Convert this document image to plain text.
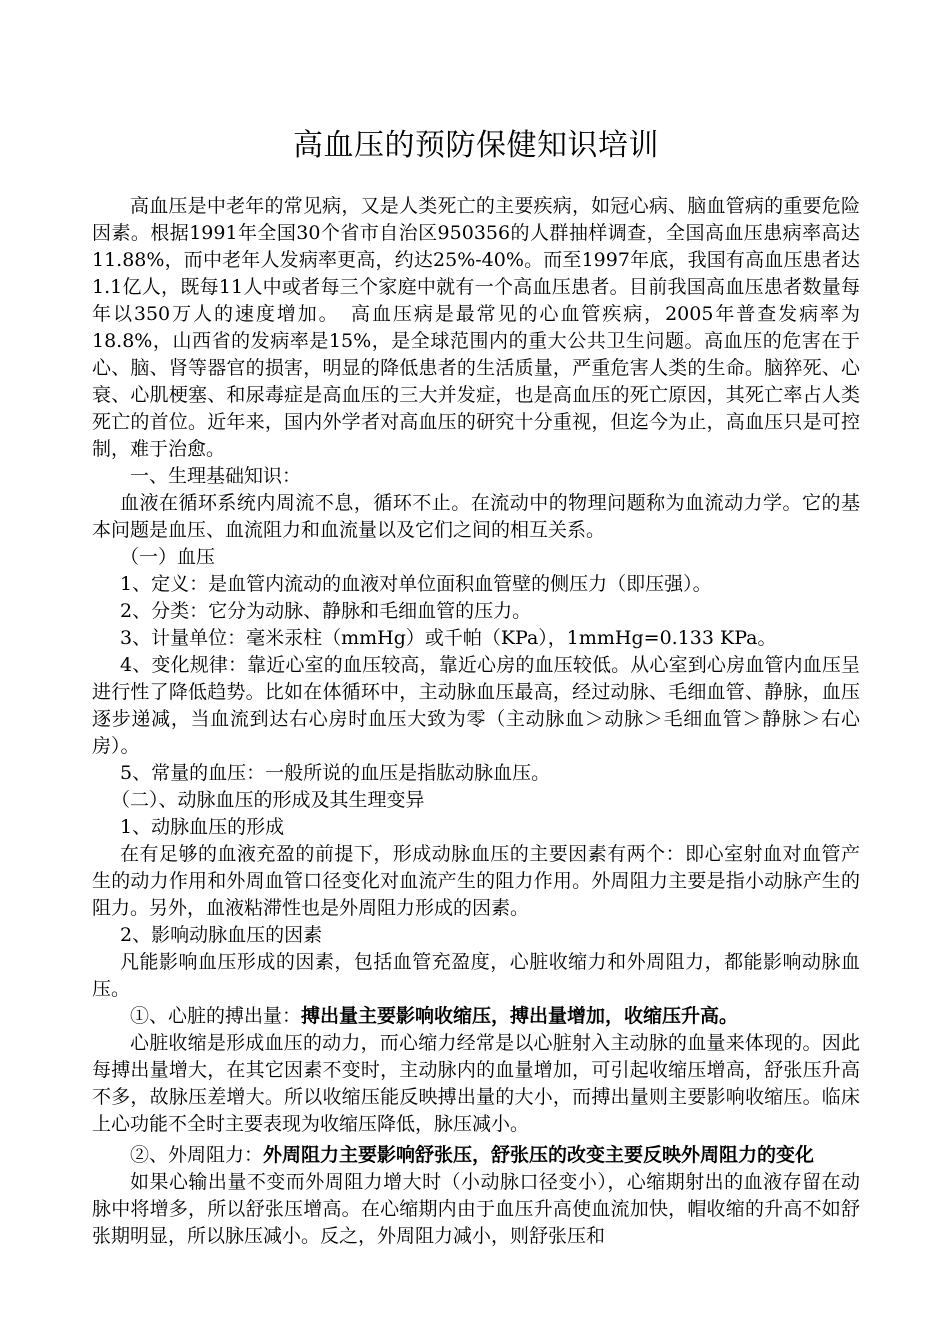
高血压的预防保健知识培训

高血压是中老年的常见病，又是人类死亡的主要疾病，如冠心病、脑血管病的重要危险因素。根据1991年全国30个省市自治区950356的人群抽样调查，全国高血压患病率高达11.88%，而中老年人发病率更高，约达25%-40%。而至1997年底，我国有高血压患者达1.1亿人，既每11人中或者每三个家庭中就有一个高血压患者。目前我国高血压患者数量每年以350万人的速度增加。　高血压病是最常见的心血管疾病，2005年普查发病率为18.8%，山西省的发病率是15%，是全球范围内的重大公共卫生问题。高血压的危害在于心、脑、肾等器官的损害，明显的降低患者的生活质量，严重危害人类的生命。脑猝死、心衰、心肌梗塞、和尿毒症是高血压的三大并发症，也是高血压的死亡原因，其死亡率占人类死亡的首位。近年来，国内外学者对高血压的研究十分重视，但迄今为止，高血压只是可控制，难于治愈。

一、生理基础知识：

血液在循环系统内周流不息，循环不止。在流动中的物理问题称为血流动力学。它的基本问题是血压、血流阻力和血流量以及它们之间的相互关系。

（一）血压

1、定义：是血管内流动的血液对单位面积血管壁的侧压力（即压强）。

2、分类：它分为动脉、静脉和毛细血管的压力。

3、计量单位：毫米汞柱（mmHg）或千帕（KPa），1mmHg=0.133 KPa。

4、变化规律：靠近心室的血压较高，靠近心房的血压较低。从心室到心房血管内血压呈进行性了降低趋势。比如在体循环中，主动脉血压最高，经过动脉、毛细血管、静脉，血压逐步递减，当血流到达右心房时血压大致为零（主动脉血＞动脉＞毛细血管＞静脉＞右心房）。

5、常量的血压：一般所说的血压是指肱动脉血压。

（二）、动脉血压的形成及其生理变异

1、动脉血压的形成

在有足够的血液充盈的前提下，形成动脉血压的主要因素有两个：即心室射血对血管产生的动力作用和外周血管口径变化对血流产生的阻力作用。外周阻力主要是指小动脉产生的阻力。另外，血液粘滞性也是外周阻力形成的因素。

2、影响动脉血压的因素

凡能影响血压形成的因素，包括血管充盈度，心脏收缩力和外周阻力，都能影响动脉血压。

①、心脏的搏出量：搏出量主要影响收缩压，搏出量增加，收缩压升高。

心脏收缩是形成血压的动力，而心缩力经常是以心脏射入主动脉的血量来体现的。因此每搏出量增大，在其它因素不变时，主动脉内的血量增加，可引起收缩压增高，舒张压升高不多，故脉压差增大。所以收缩压能反映搏出量的大小，而搏出量则主要影响收缩压。临床上心功能不全时主要表现为收缩压降低，脉压减小。

②、外周阻力：外周阻力主要影响舒张压，舒张压的改变主要反映外周阻力的变化

如果心输出量不变而外周阻力增大时（小动脉口径变小），心缩期射出的血液存留在动脉中将增多，所以舒张压增高。在心缩期内由于血压升高使血流加快，帽收缩的升高不如舒张期明显，所以脉压减小。反之，外周阻力减小，则舒张压和
